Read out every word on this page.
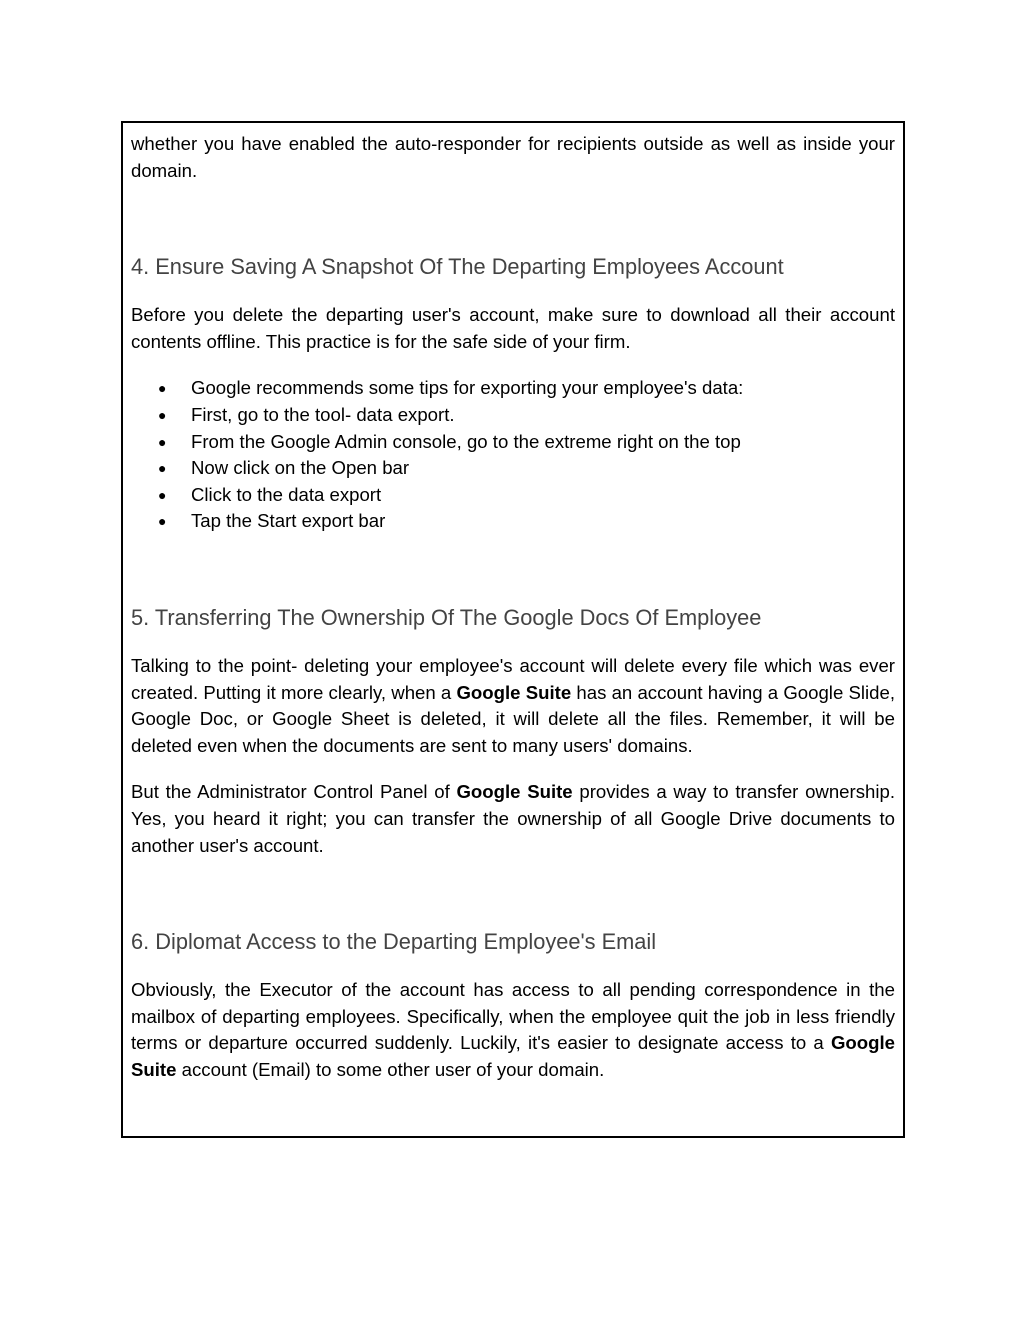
whether you have enabled the auto-responder for recipients outside as well as inside your domain.

4. Ensure Saving A Snapshot Of The Departing Employees Account

Before you delete the departing user's account, make sure to download all their account contents offline. This practice is for the safe side of your firm.

● Google recommends some tips for exporting your employee's data:
● First, go to the tool- data export.
● From the Google Admin console, go to the extreme right on the top
● Now click on the Open bar
● Click to the data export
● Tap the Start export bar
5. Transferring The Ownership Of The Google Docs Of Employee

Talking to the point- deleting your employee's account will delete every file which was ever created. Putting it more clearly, when a Google Suite has an account having a Google Slide, Google Doc, or Google Sheet is deleted, it will delete all the files. Remember, it will be deleted even when the documents are sent to many users' domains.

But the Administrator Control Panel of Google Suite provides a way to transfer ownership. Yes, you heard it right; you can transfer the ownership of all Google Drive documents to another user's account.

6. Diplomat Access to the Departing Employee's Email

Obviously, the Executor of the account has access to all pending correspondence in the mailbox of departing employees. Specifically, when the employee quit the job in less friendly terms or departure occurred suddenly. Luckily, it's easier to designate access to a Google Suite account (Email) to some other user of your domain.
